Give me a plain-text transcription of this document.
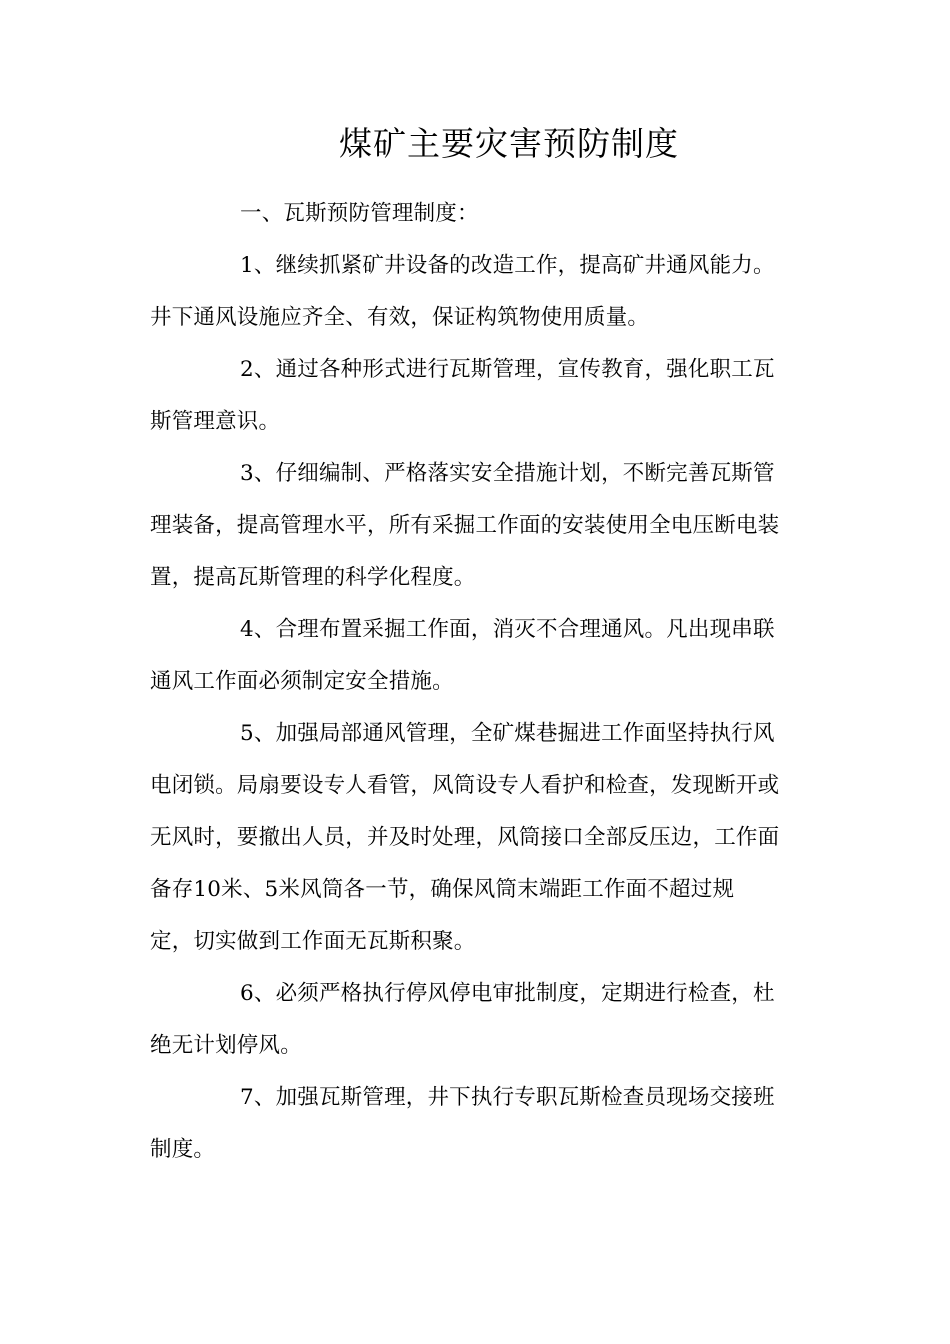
煤矿主要灾害预防制度
一、瓦斯预防管理制度：
1、继续抓紧矿井设备的改造工作，提高矿井通风能力。
井下通风设施应齐全、有效，保证构筑物使用质量。
2、通过各种形式进行瓦斯管理，宣传教育，强化职工瓦
斯管理意识。
3、仔细编制、严格落实安全措施计划，不断完善瓦斯管
理装备，提高管理水平，所有采掘工作面的安装使用全电压断电装
置，提高瓦斯管理的科学化程度。
4、合理布置采掘工作面，消灭不合理通风。凡出现串联
通风工作面必须制定安全措施。
5、加强局部通风管理，全矿煤巷掘进工作面坚持执行风
电闭锁。局扇要设专人看管，风筒设专人看护和检查，发现断开或
无风时，要撤出人员，并及时处理，风筒接口全部反压边，工作面
备存10米、5米风筒各一节，确保风筒末端距工作面不超过规
定，切实做到工作面无瓦斯积聚。
6、必须严格执行停风停电审批制度，定期进行检查，杜
绝无计划停风。
7、加强瓦斯管理，井下执行专职瓦斯检查员现场交接班
制度。
